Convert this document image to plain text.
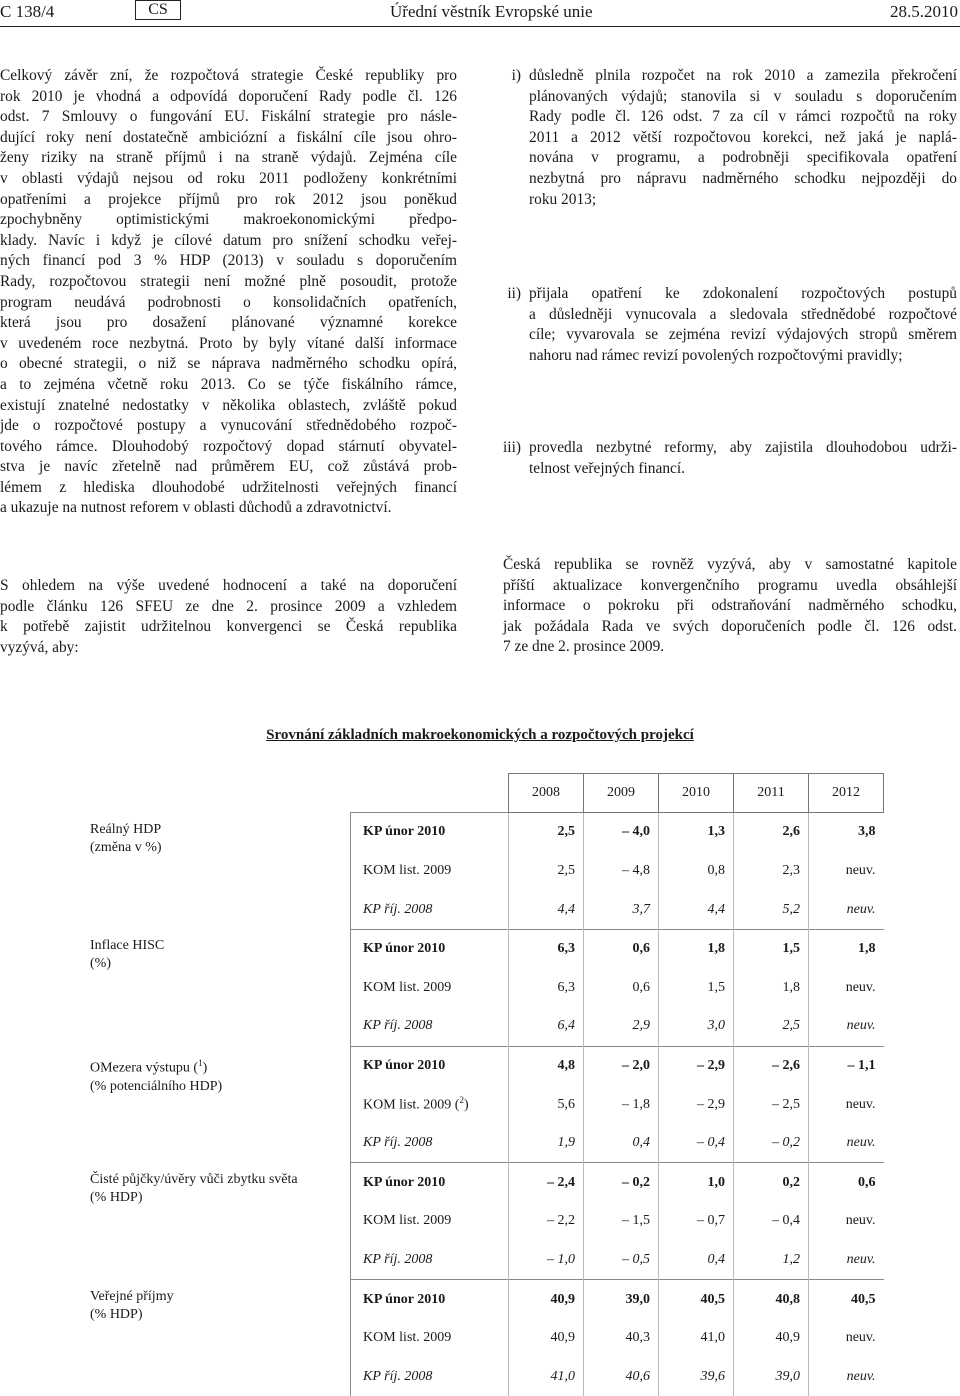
C 138/4	CS	Úřední věstník Evropské unie	28.5.2010
Celkový závěr zní, že rozpočtová strategie České republiky pro
rok 2010 je vhodná a odpovídá doporučení Rady podle čl. 126
odst. 7 Smlouvy o fungování EU. Fiskální strategie pro násle-
dující roky není dostatečně ambiciózní a fiskální cíle jsou ohro-
ženy riziky na straně příjmů i na straně výdajů. Zejména cíle
v oblasti výdajů nejsou od roku 2011 podloženy konkrétními
opatřeními a projekce příjmů pro rok 2012 jsou poněkud
zpochybněny optimistickými makroekonomickými předpo-
klady. Navíc i když je cílové datum pro snížení schodku veřej-
ných financí pod 3 % HDP (2013) v souladu s doporučením
Rady, rozpočtovou strategii není možné plně posoudit, protože
program neudává podrobnosti o konsolidačních opatřeních,
která jsou pro dosažení plánované významné korekce
v uvedeném roce nezbytná. Proto by byly vítané další informace
o obecné strategii, o niž se náprava nadměrného schodku opírá,
a to zejména včetně roku 2013. Co se týče fiskálního rámce,
existují znatelné nedostatky v několika oblastech, zvláště pokud
jde o rozpočtové postupy a vynucování střednědobého rozpoč-
tového rámce. Dlouhodobý rozpočtový dopad stárnutí obyvatel-
stva je navíc zřetelně nad průměrem EU, což zůstává prob-
lémem z hlediska dlouhodobé udržitelnosti veřejných financí
a ukazuje na nutnost reforem v oblasti důchodů a zdravotnictví.
i) důsledně plnila rozpočet na rok 2010 a zamezila překročení
plánovaných výdajů; stanovila si v souladu s doporučením
Rady podle čl. 126 odst. 7 za cíl v rámci rozpočtů na roky
2011 a 2012 větší rozpočtovou korekci, než jaká je naplá-
nována v programu, a podrobněji specifikovala opatření
nezbytná pro nápravu nadměrného schodku nejpozději do
roku 2013;
ii) přijala opatření ke zdokonalení rozpočtových postupů
a důsledněji vynucovala a sledovala střednědobé rozpočtové
cíle; vyvarovala se zejména revizí výdajových stropů směrem
nahoru nad rámec revizí povolených rozpočtovými pravidly;
iii) provedla nezbytné reformy, aby zajistila dlouhodobou udrži-
telnost veřejných financí.
S ohledem na výše uvedené hodnocení a také na doporučení
podle článku 126 SFEU ze dne 2. prosince 2009 a vzhledem
k potřebě zajistit udržitelnou konvergenci se Česká republika
vyzývá, aby:
Česká republika se rovněž vyzývá, aby v samostatné kapitole
příští aktualizace konvergenčního programu uvedla obsáhlejší
informace o pokroku při odstraňování nadměrného schodku,
jak požádala Rada ve svých doporučeních podle čl. 126 odst.
7 ze dne 2. prosince 2009.
Srovnání základních makroekonomických a rozpočtových projekcí
		2008	2009	2010	2011	2012

Reálný HDP
(změna v %)	KP únor 2010	2,5	– 4,0	1,3	2,6	3,8
	KOM list. 2009	2,5	– 4,8	0,8	2,3	neuv.
	KP říj. 2008	4,4	3,7	4,4	5,2	neuv.

Inflace HISC
(%)	KP únor 2010	6,3	0,6	1,8	1,5	1,8
	KOM list. 2009	6,3	0,6	1,5	1,8	neuv.
	KP říj. 2008	6,4	2,9	3,0	2,5	neuv.

OMezera výstupu ($^1$)
(% potenciálního HDP)	KP únor 2010	4,8	– 2,0	– 2,9	– 2,6	– 1,1
	KOM list. 2009 ($^2$)	5,6	– 1,8	– 2,9	– 2,5	neuv.
	KP říj. 2008	1,9	0,4	– 0,4	– 0,2	neuv.

Čisté půjčky/úvěry vůči zbytku světa
(% HDP)	KP únor 2010	– 2,4	– 0,2	1,0	0,2	0,6
	KOM list. 2009	– 2,2	– 1,5	– 0,7	– 0,4	neuv.
	KP říj. 2008	– 1,0	– 0,5	0,4	1,2	neuv.

Veřejné příjmy
(% HDP)	KP únor 2010	40,9	39,0	40,5	40,8	40,5
	KOM list. 2009	40,9	40,3	41,0	40,9	neuv.
	KP říj. 2008	41,0	40,6	39,6	39,0	neuv.
